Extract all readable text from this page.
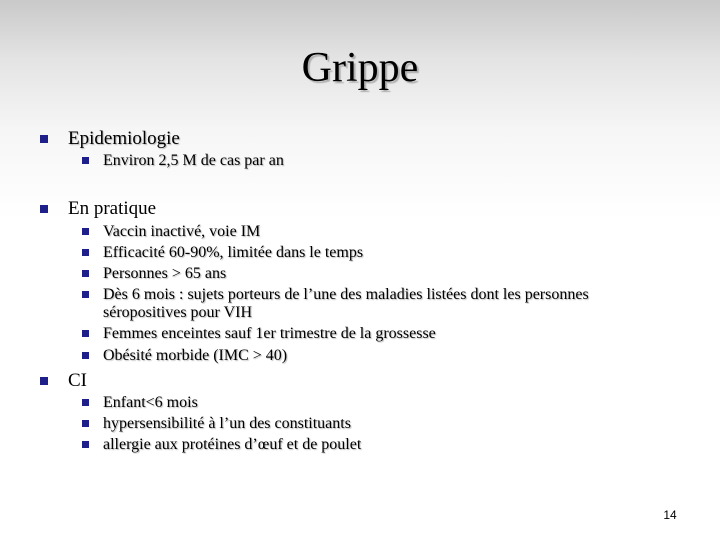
Grippe
Epidemiologie
Environ 2,5 M de cas par an
En pratique
Vaccin inactivé, voie IM
Efficacité 60-90%, limitée dans le temps
Personnes > 65 ans
Dès 6 mois : sujets porteurs de l’une des maladies listées dont les personnes
séropositives pour VIH
Femmes enceintes sauf 1er trimestre de la grossesse
Obésité morbide (IMC > 40)
CI
Enfant<6 mois
hypersensibilité à l’un des constituants
allergie aux protéines d’œuf et de poulet
14
